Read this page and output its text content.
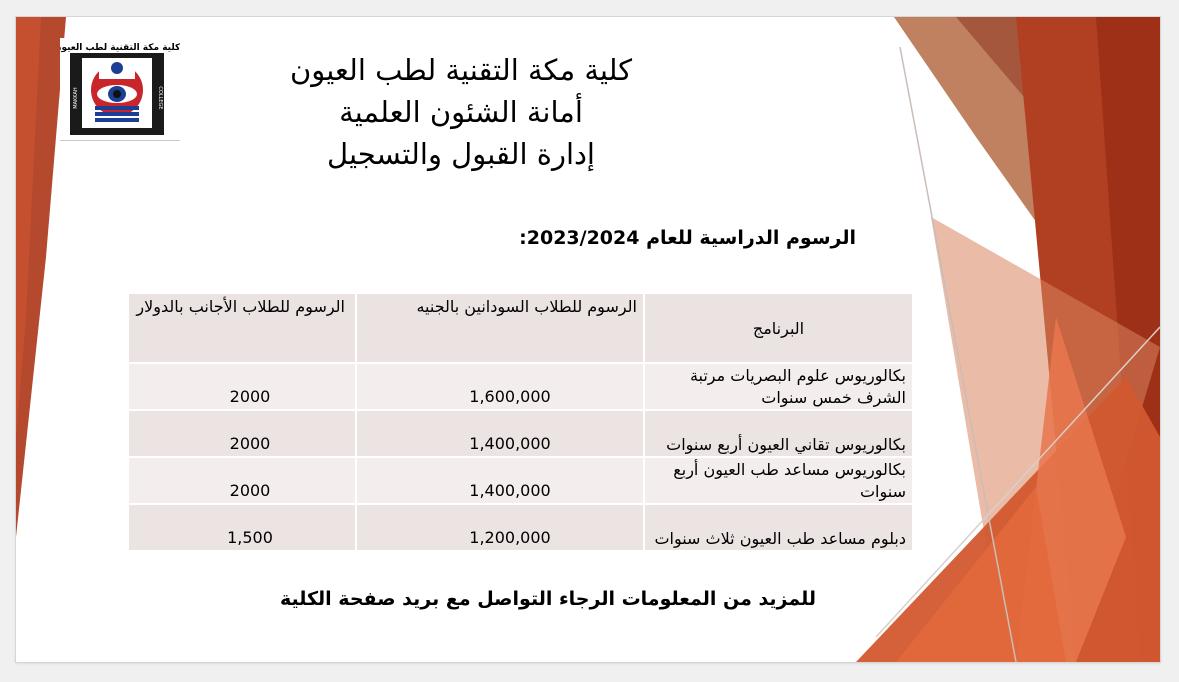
كلية مكة التقنية لطب العيون
MAKKAH	COLLEGE
كلية مكة التقنية لطب العيون
أمانة الشئون العلمية
إدارة القبول والتسجيل
الرسوم الدراسية للعام 2023/2024:
البرنامج	الرسوم للطلاب السودانين بالجنيه	الرسوم للطلاب الأجانب بالدولار
بكالوريوس علوم البصريات مرتبة الشرف خمس سنوات	1,600,000	2000

بكالوريوس تقاني العيون أربع سنوات	1,400,000	2000

بكالوريوس مساعد طب العيون أربع سنوات	1,400,000	2000

دبلوم مساعد طب العيون ثلاث سنوات	1,200,000	1,500
للمزيد من المعلومات الرجاء التواصل مع بريد صفحة الكلية
